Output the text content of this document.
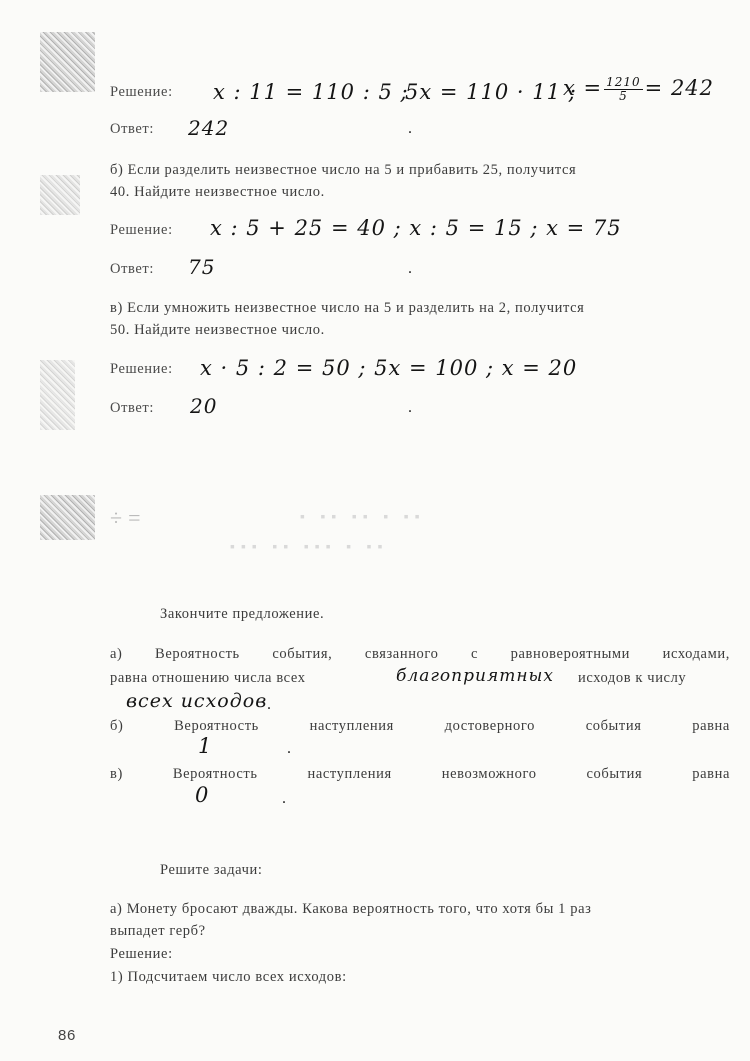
÷=	▪ ▪▪ ▪▪ ▪ ▪▪
▪▪▪ ▪▪ ▪▪▪ ▪ ▪▪
Решение: x : 11 = 110 : 5 ;
5x = 110 · 11 ;
$x = \frac{1210}{5} = 242$
Ответ: 242	.
б) Если разделить неизвестное число на 5 и прибавить 25, получится
40. Найдите неизвестное число.
Решение: x : 5 + 25 = 40 ; x : 5 = 15 ; x = 75
Ответ: 75	.
в) Если умножить неизвестное число на 5 и разделить на 2, получится
50. Найдите неизвестное число.
Решение: x · 5 : 2 = 50 ; 5x = 100 ; x = 20
Ответ: 20	.
Закончите предложение.
а) Вероятность события, связанного с равновероятными исходами,
равна отношению числа всех	благоприятных исходов к числу
всех исходов .
б)	Вероятность	наступления	достоверного	события	равна
1	.
в)	Вероятность	наступления	невозможного	события	равна
0	.
Решите задачи:
а) Монету бросают дважды. Какова вероятность того, что хотя бы 1 раз
выпадет герб?
Решение:
1) Подсчитаем число всех исходов:
86
